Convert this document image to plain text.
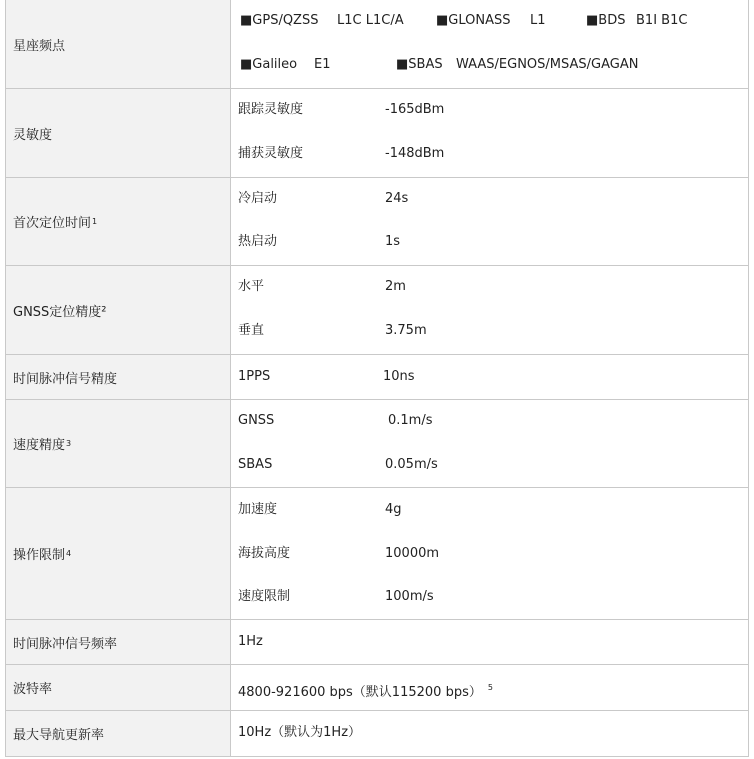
星座频点
■GPS/QZSS L1C L1C/A ■GLONASS L1	■BDS B1I B1C
■Galileo E1	■SBAS WAAS/EGNOS/MSAS/GAGAN
灵敏度
跟踪灵敏度	-165dBm
捕获灵敏度	-148dBm
首次定位时间 1
冷启动	24s
热启动	1s
GNSS定位精度²
水平	2m
垂直	3.75m
时间脉冲信号精度	1PPS	10ns
速度精度 3
GNSS	0.1m/s
SBAS	0.05m/s
操作限制 4
加速度	4g
海拔高度	10000m
速度限制	100m/s
时间脉冲信号频率	1Hz
波特率	4800-921600 bps（默认115200 bps） $^5$
最大导航更新率	10Hz（默认为1Hz）
